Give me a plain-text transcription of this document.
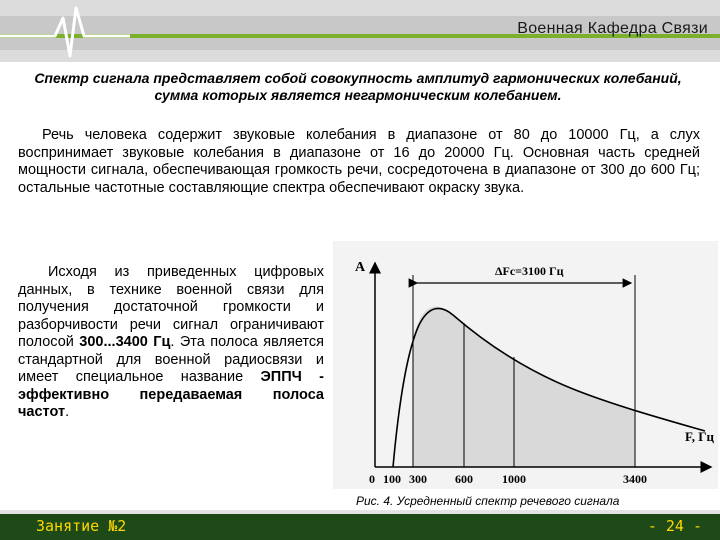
Военная Кафедра Связи
Спектр сигнала представляет собой совокупность амплитуд гармонических колебаний, сумма которых является негармоническим колебанием.
Речь человека содержит звуковые колебания в диапазоне от 80 до 10000 Гц, а слух воспринимает звуковые колебания в диапазоне от 16 до 20000 Гц. Основная часть средней мощности сигнала, обеспечивающая громкость речи, сосредоточена в диапазоне от 300 до 600 Гц; остальные частотные составляющие спектра обеспечивают окраску звука.
Исходя из приведенных цифровых данных, в технике военной связи для получения достаточной громкости и разборчивости речи сигнал ограничивают полосой 300...3400 Гц. Эта полоса является стандартной для военной радиосвязи и имеет специальное название ЭППЧ - эффективно передаваемая полоса частот.
ΔFc=3100 Гц
A
F, Гц
0 100 300 600 1000	3400
Рис. 4. Усредненный спектр речевого сигнала
Занятие №2	- 24 -
